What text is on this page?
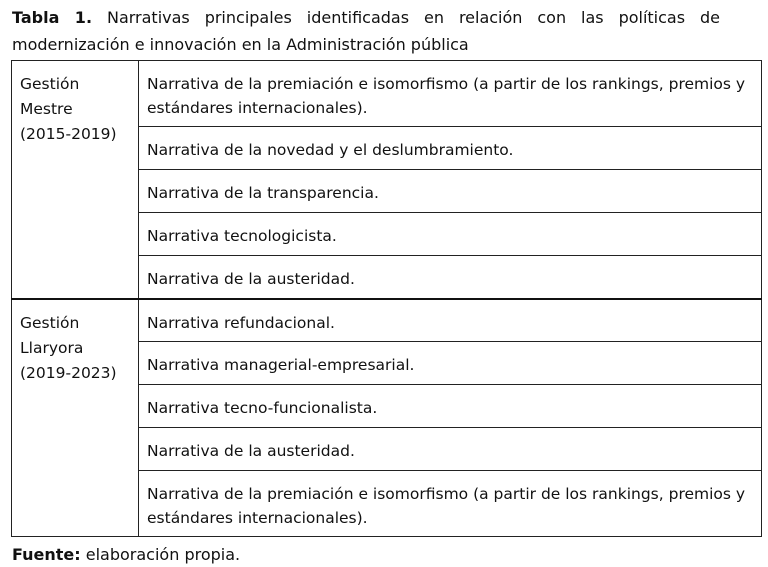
Tabla 1. Narrativas principales identificadas en relación con las políticas de modernización e innovación en la Administración pública
Gestión
Mestre
(2015-2019)	Narrativa de la premiación e isomorfismo (a partir de los rankings, premios y estándares internacionales).
	Narrativa de la novedad y el deslumbramiento.
	Narrativa de la transparencia.
	Narrativa tecnologicista.
	Narrativa de la austeridad.

Gestión
Llaryora
(2019-2023)	Narrativa refundacional.
	Narrativa managerial-empresarial.
	Narrativa tecno-funcionalista.
	Narrativa de la austeridad.
	Narrativa de la premiación e isomorfismo (a partir de los rankings, premios y estándares internacionales).
Fuente: elaboración propia.
